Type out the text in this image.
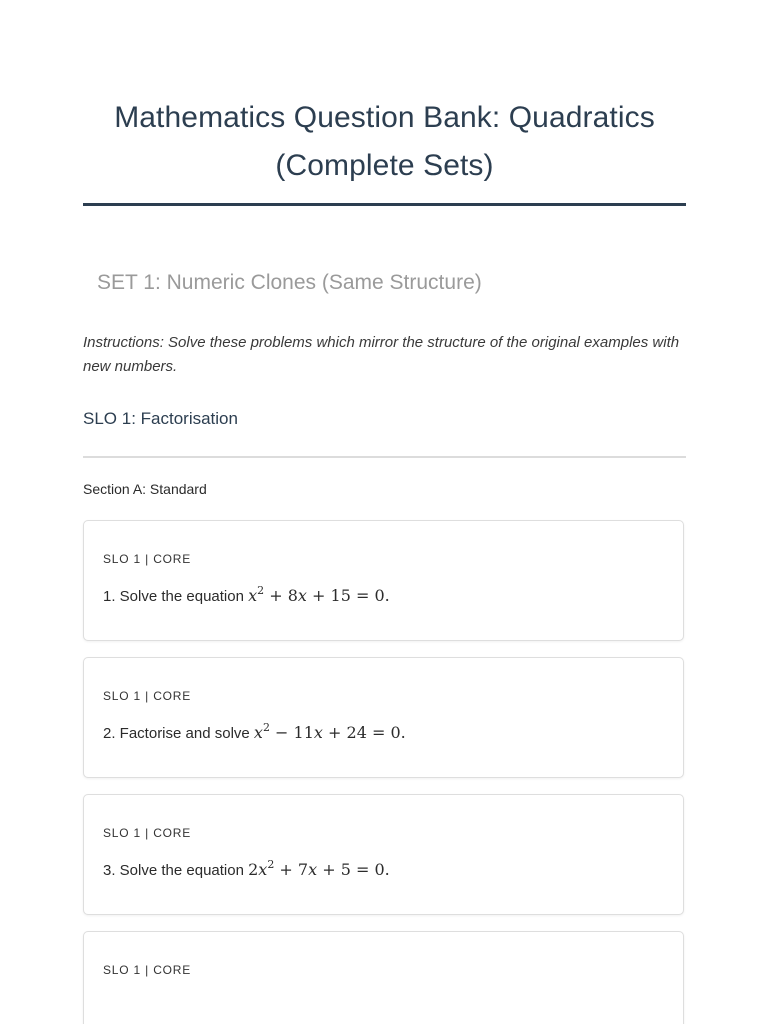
Mathematics Question Bank: Quadratics (Complete Sets)
SET 1: Numeric Clones (Same Structure)

Instructions: Solve these problems which mirror the structure of the original examples with new numbers.

SLO 1: Factorisation
Section A: Standard
SLO 1 | CORE
1. Solve the equation $x^2 + 8x + 15 = 0$.
SLO 1 | CORE
2. Factorise and solve $x^2 - 11x + 24 = 0$.
SLO 1 | CORE
3. Solve the equation $2x^2 + 7x + 5 = 0$.
SLO 1 | CORE
